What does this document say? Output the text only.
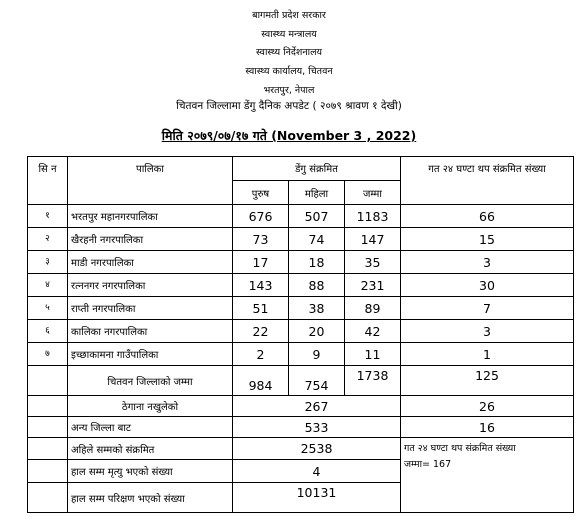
बागमती प्रदेश सरकार
स्वास्थ्य मन्त्रालय
स्वास्थ्य निर्देशनालय
स्वास्थ्य कार्यालय, चितवन
भरतपुर, नेपाल
चितवन जिल्लामा डेंगु दैनिक अपडेट ( २०७९ श्रावण १ देखी)
मिति २०७९/०७/१७ गते (November 3 , 2022)
सि न	पालिका	डेंगु संक्रमित			गत २४ घण्टा थप संक्रमित संख्या
		पुरुष	महिला	जम्मा	
१	भरतपुर महानगरपालिका	676	507	1183	66
२	खैरहनी नगरपालिका	73	74	147	15
३	माडी नगरपालिका	17	18	35	3
४	रत्ननगर नगरपालिका	143	88	231	30
५	राप्ती नगरपालिका	51	38	89	7
६	कालिका नगरपालिका	22	20	42	3
७	इच्छाकामना गाउँपालिका	2	9	11	1
	चितवन जिल्लाको जम्मा	984	754	1738	125
	ठेगाना नखुलेको	267			26
	अन्य जिल्ला बाट	533			16
	अहिले सम्मको संक्रमित	2538			गत २४ घण्टा थप संक्रमित संख्या
जम्मा= 167

	हाल सम्म मृत्यु भएको संख्या	4			
	हाल सम्म परिक्षण भएको संख्या	10131			
